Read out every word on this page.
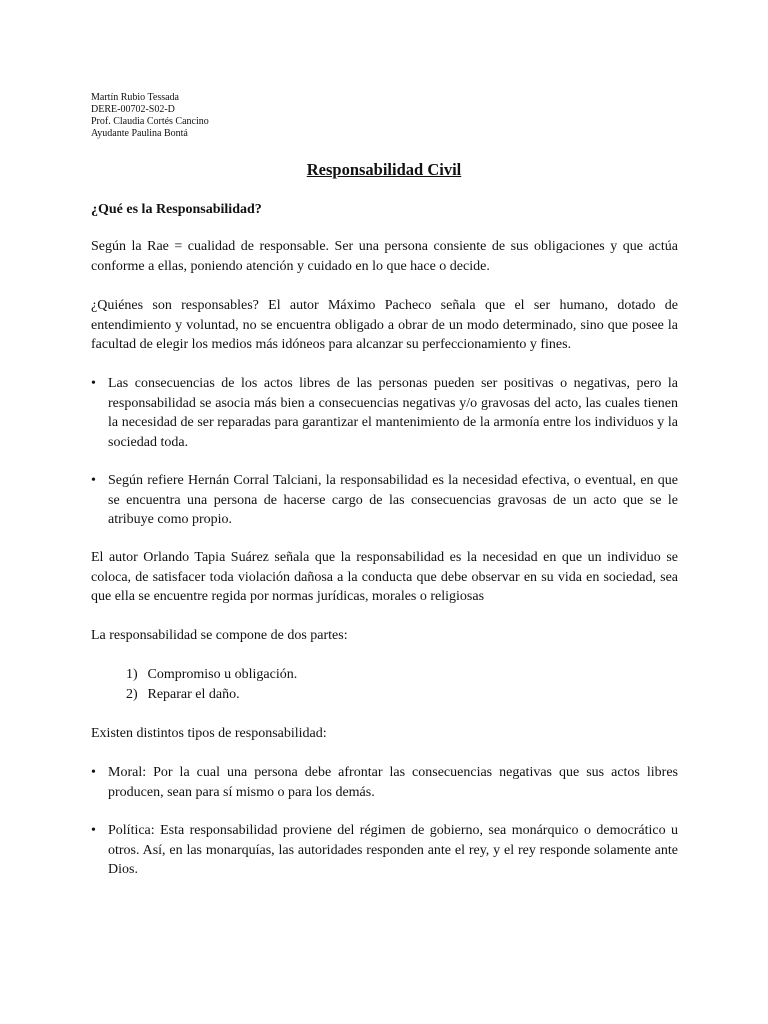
Martín Rubio Tessada
DERE-00702-S02-D
Prof. Claudia Cortés Cancino
Ayudante Paulina Bontá
Responsabilidad Civil
¿Qué es la Responsabilidad?

Según la Rae = cualidad de responsable. Ser una persona consiente de sus obligaciones y que actúa conforme a ellas, poniendo atención y cuidado en lo que hace o decide.

¿Quiénes son responsables? El autor Máximo Pacheco señala que el ser humano, dotado de entendimiento y voluntad, no se encuentra obligado a obrar de un modo determinado, sino que posee la facultad de elegir los medios más idóneos para alcanzar su perfeccionamiento y fines.

• Las consecuencias de los actos libres de las personas pueden ser positivas o negativas, pero la responsabilidad se asocia más bien a consecuencias negativas y/o gravosas del acto, las cuales tienen la necesidad de ser reparadas para garantizar el mantenimiento de la armonía entre los individuos y la sociedad toda.
• Según refiere Hernán Corral Talciani, la responsabilidad es la necesidad efectiva, o eventual, en que se encuentra una persona de hacerse cargo de las consecuencias gravosas de un acto que se le atribuye como propio.

El autor Orlando Tapia Suárez señala que la responsabilidad es la necesidad en que un individuo se coloca, de satisfacer toda violación dañosa a la conducta que debe observar en su vida en sociedad, sea que ella se encuentre regida por normas jurídicas, morales o religiosas

La responsabilidad se compone de dos partes:

1) Compromiso u obligación.
2) Reparar el daño.

Existen distintos tipos de responsabilidad:

• Moral: Por la cual una persona debe afrontar las consecuencias negativas que sus actos libres producen, sean para sí mismo o para los demás.
• Política: Esta responsabilidad proviene del régimen de gobierno, sea monárquico o democrático u otros. Así, en las monarquías, las autoridades responden ante el rey, y el rey responde solamente ante Dios.
